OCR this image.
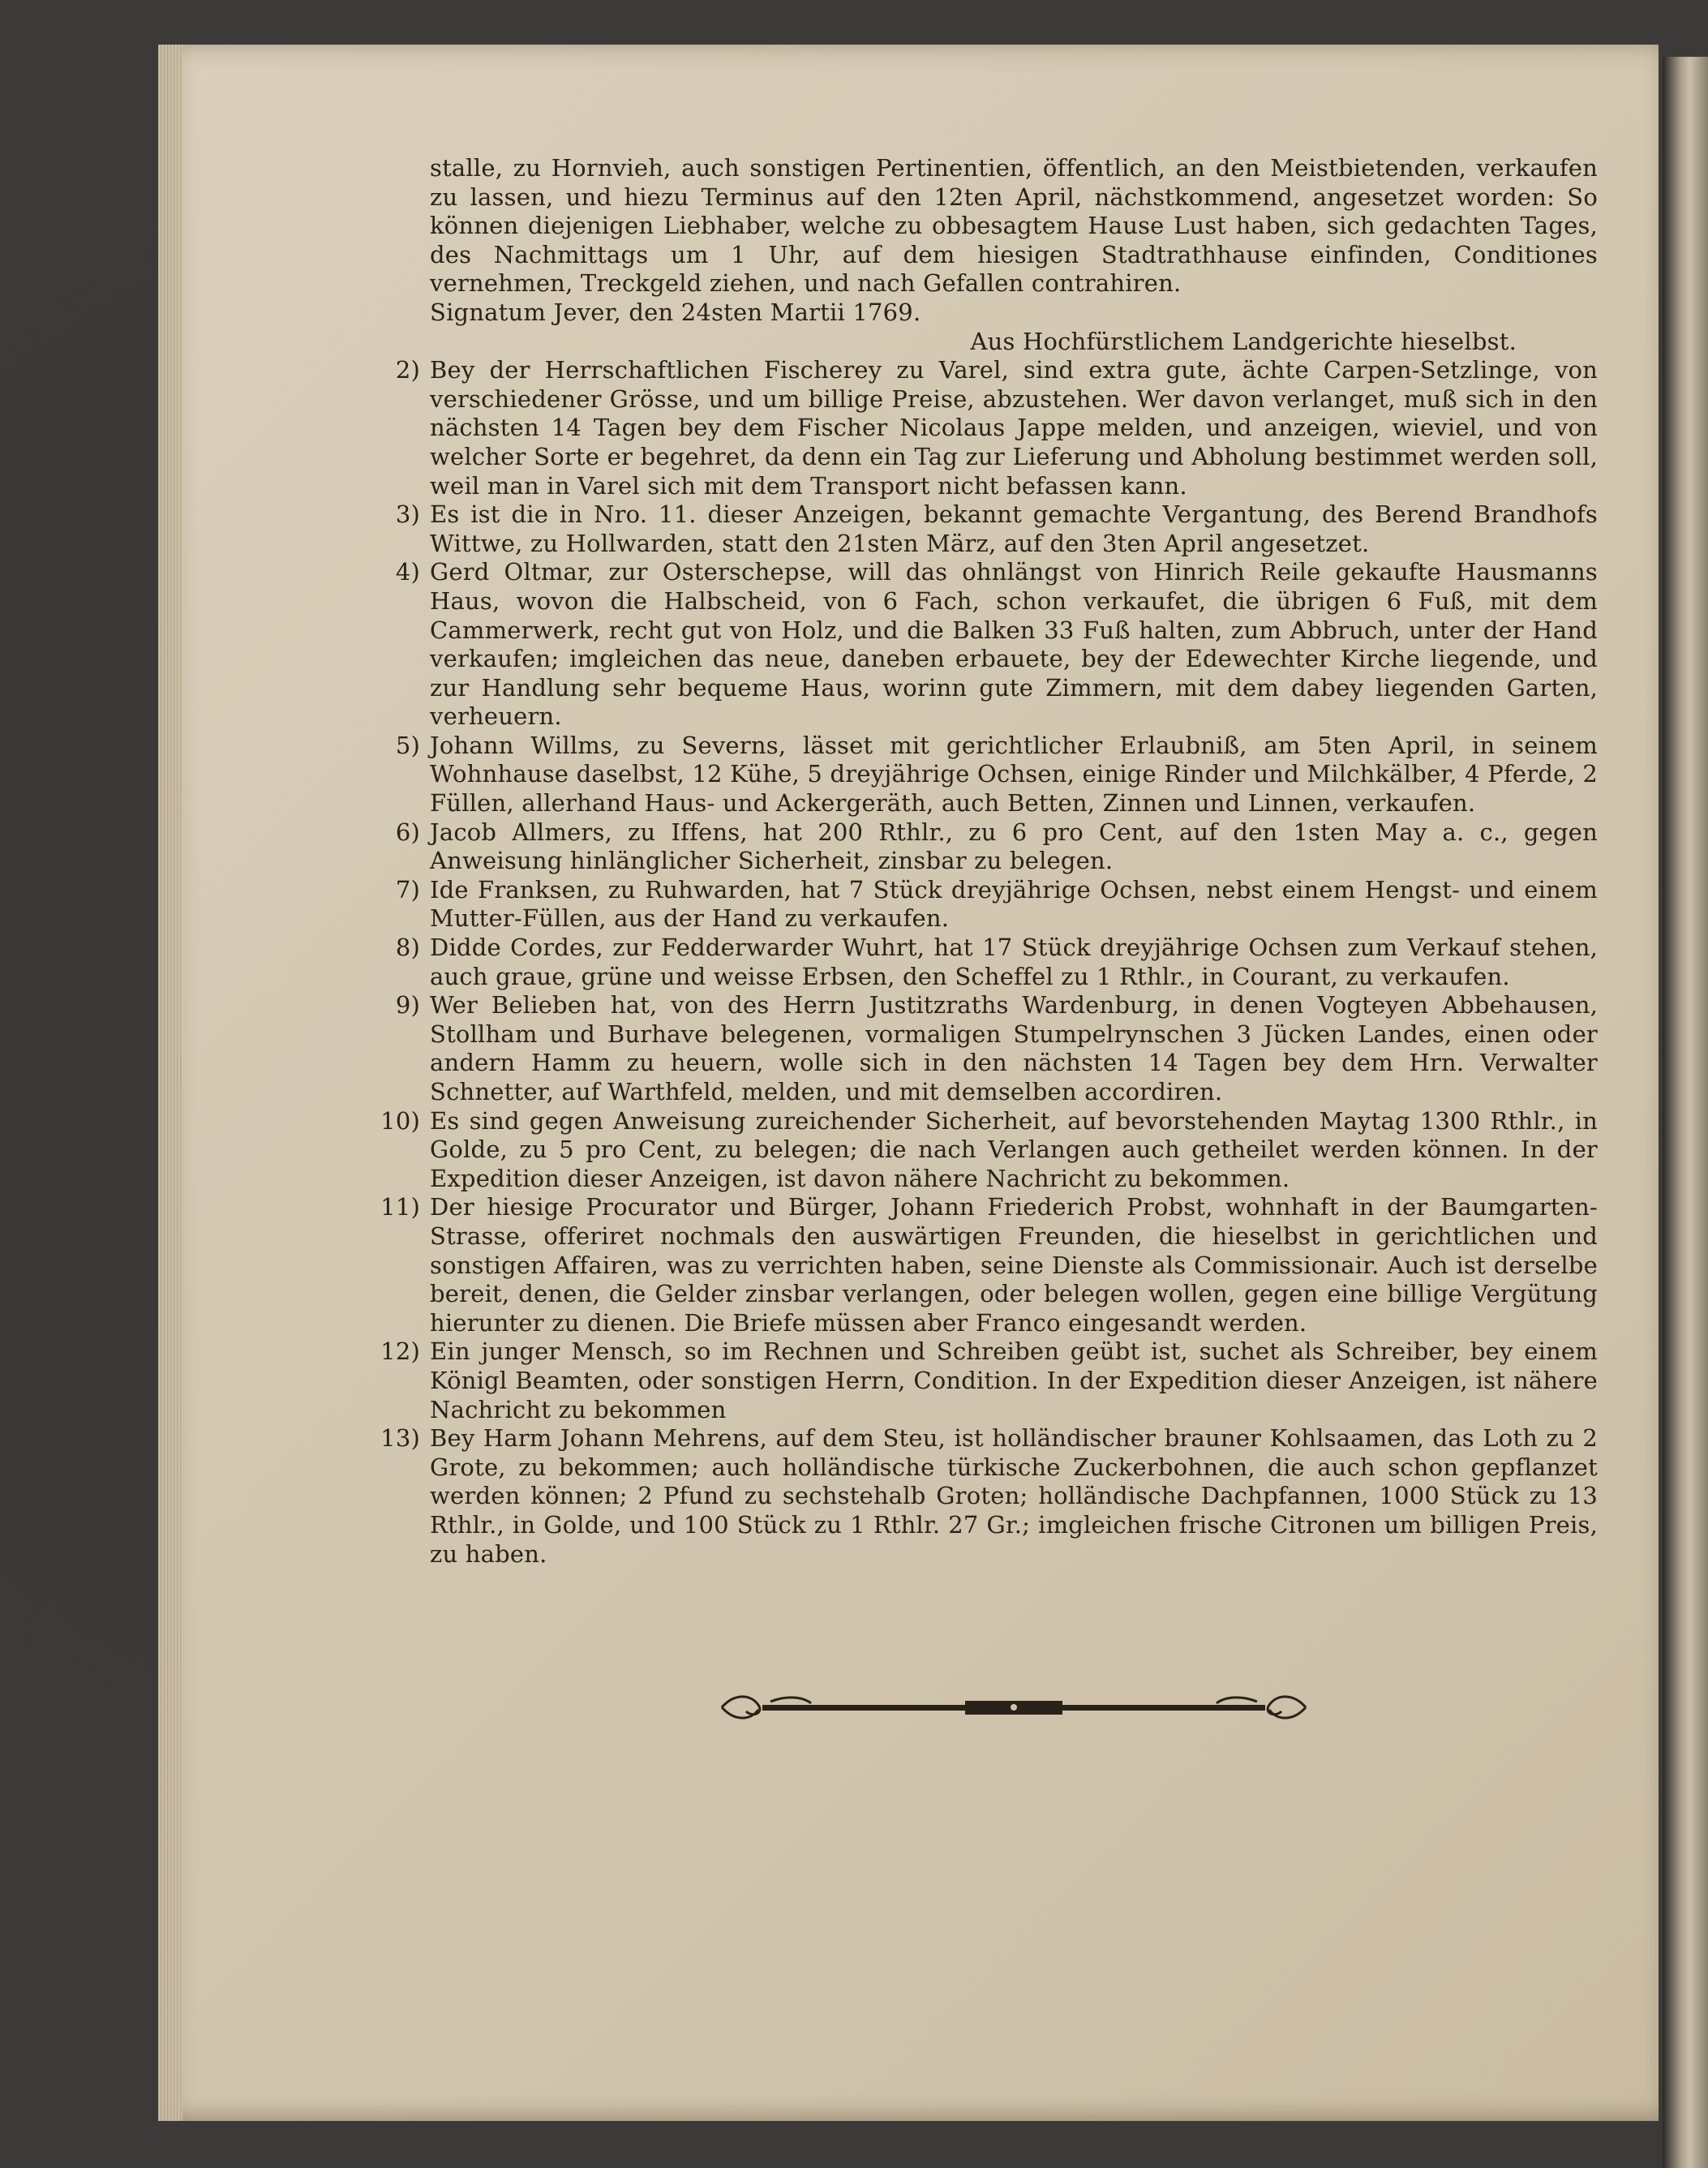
stalle, zu Hornvieh, auch sonstigen Pertinentien, öffentlich, an den Meistbietenden, verkaufen zu lassen, und hiezu Terminus auf den 12ten April, nächstkommend, angesetzet worden: So können diejenigen Liebhaber, welche zu obbesagtem Hause Lust haben, sich gedachten Tages, des Nachmittags um 1 Uhr, auf dem hiesigen Stadtrathhause einfinden, Conditiones vernehmen, Treckgeld ziehen, und nach Gefallen contrahiren.

Signatum Jever, den 24sten Martii 1769.

Aus Hochfürstlichem Landgerichte hieselbst.

2) Bey der Herrschaftlichen Fischerey zu Varel, sind extra gute, ächte Carpen-Setzlinge, von verschiedener Grösse, und um billige Preise, abzustehen. Wer davon verlanget, muß sich in den nächsten 14 Tagen bey dem Fischer Nicolaus Jappe melden, und anzeigen, wieviel, und von welcher Sorte er begehret, da denn ein Tag zur Lieferung und Abholung bestimmet werden soll, weil man in Varel sich mit dem Transport nicht befassen kann.
3) Es ist die in Nro. 11. dieser Anzeigen, bekannt gemachte Vergantung, des Berend Brandhofs Wittwe, zu Hollwarden, statt den 21sten März, auf den 3ten April angesetzet.
4) Gerd Oltmar, zur Osterschepse, will das ohnlängst von Hinrich Reile gekaufte Hausmanns Haus, wovon die Halbscheid, von 6 Fach, schon verkaufet, die übrigen 6 Fuß, mit dem Cammerwerk, recht gut von Holz, und die Balken 33 Fuß halten, zum Abbruch, unter der Hand verkaufen; imgleichen das neue, daneben erbauete, bey der Edewechter Kirche liegende, und zur Handlung sehr bequeme Haus, worinn gute Zimmern, mit dem dabey liegenden Garten, verheuern.
5) Johann Willms, zu Severns, lässet mit gerichtlicher Erlaubniß, am 5ten April, in seinem Wohnhause daselbst, 12 Kühe, 5 dreyjährige Ochsen, einige Rinder und Milchkälber, 4 Pferde, 2 Füllen, allerhand Haus- und Ackergeräth, auch Betten, Zinnen und Linnen, verkaufen.
6) Jacob Allmers, zu Iffens, hat 200 Rthlr., zu 6 pro Cent, auf den 1sten May a. c., gegen Anweisung hinlänglicher Sicherheit, zinsbar zu belegen.
7) Ide Franksen, zu Ruhwarden, hat 7 Stück dreyjährige Ochsen, nebst einem Hengst- und einem Mutter-Füllen, aus der Hand zu verkaufen.
8) Didde Cordes, zur Fedderwarder Wuhrt, hat 17 Stück dreyjährige Ochsen zum Verkauf stehen, auch graue, grüne und weisse Erbsen, den Scheffel zu 1 Rthlr., in Courant, zu verkaufen.
9) Wer Belieben hat, von des Herrn Justitzraths Wardenburg, in denen Vogteyen Abbehausen, Stollham und Burhave belegenen, vormaligen Stumpelrynschen 3 Jücken Landes, einen oder andern Hamm zu heuern, wolle sich in den nächsten 14 Tagen bey dem Hrn. Verwalter Schnetter, auf Warthfeld, melden, und mit demselben accordiren.
10) Es sind gegen Anweisung zureichender Sicherheit, auf bevorstehenden Maytag 1300 Rthlr., in Golde, zu 5 pro Cent, zu belegen; die nach Verlangen auch getheilet werden können. In der Expedition dieser Anzeigen, ist davon nähere Nachricht zu bekommen.
11) Der hiesige Procurator und Bürger, Johann Friederich Probst, wohnhaft in der Baumgarten-Strasse, offeriret nochmals den auswärtigen Freunden, die hieselbst in gerichtlichen und sonstigen Affairen, was zu verrichten haben, seine Dienste als Commissionair. Auch ist derselbe bereit, denen, die Gelder zinsbar verlangen, oder belegen wollen, gegen eine billige Vergütung hierunter zu dienen. Die Briefe müssen aber Franco eingesandt werden.
12) Ein junger Mensch, so im Rechnen und Schreiben geübt ist, suchet als Schreiber, bey einem Königl Beamten, oder sonstigen Herrn, Condition. In der Expedition dieser Anzeigen, ist nähere Nachricht zu bekommen
13) Bey Harm Johann Mehrens, auf dem Steu, ist holländischer brauner Kohlsaamen, das Loth zu 2 Grote, zu bekommen; auch holländische türkische Zuckerbohnen, die auch schon gepflanzet werden können; 2 Pfund zu sechstehalb Groten; holländische Dachpfannen, 1000 Stück zu 13 Rthlr., in Golde, und 100 Stück zu 1 Rthlr. 27 Gr.; imgleichen frische Citronen um billigen Preis, zu haben.
